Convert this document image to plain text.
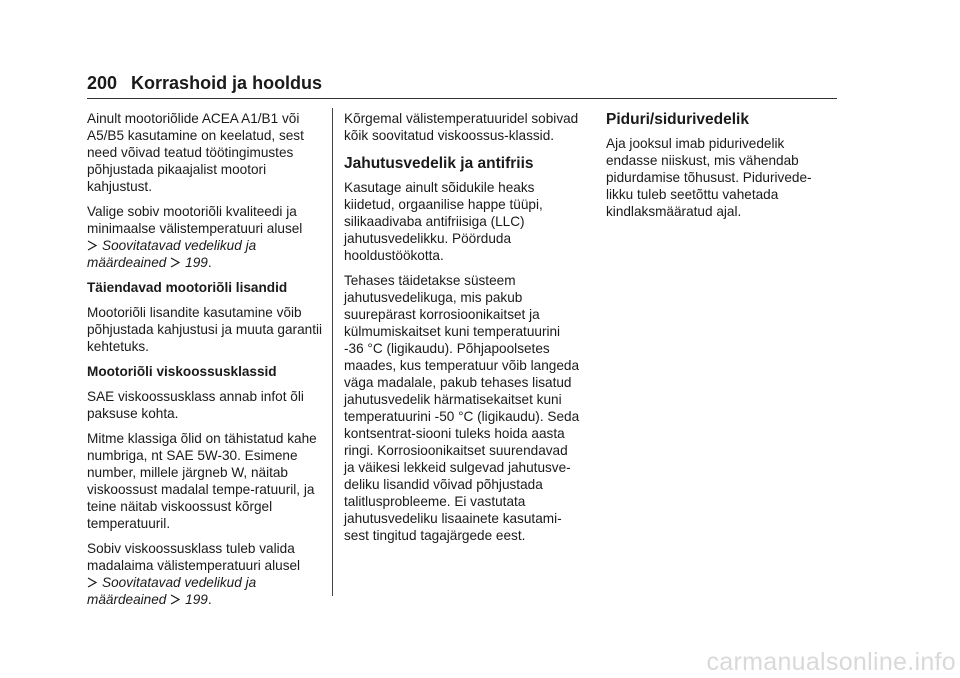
200 Korrashoid ja hooldus

Ainult mootoriõlide ACEA A1/B1 või A5/B5 kasutamine on keelatud, sest need võivad teatud töötingimustes põhjustada pikaajalist mootori kahjustust.

Valige sobiv mootoriõli kvaliteedi ja minimaalse välistemperatuuri alusel

Soovitatavad vedelikud ja määrdeained 199.

Täiendavad mootoriõli lisandid

Mootoriõli lisandite kasutamine võib põhjustada kahjustusi ja muuta garantii kehtetuks.

Mootoriõli viskoossusklassid

SAE viskoossusklass annab infot õli paksuse kohta.

Mitme klassiga õlid on tähistatud kahe numbriga, nt SAE 5W-30. Esimene number, millele järgneb W, näitab viskoossust madalal tempe-ratuuril, ja teine näitab viskoossust kõrgel temperatuuril.

Sobiv viskoossusklass tuleb valida madalaima välistemperatuuri alusel

Soovitatavad vedelikud ja määrdeained 199.

Kõrgemal välistemperatuuridel sobivad kõik soovitatud viskoossus-klassid.

Jahutusvedelik ja antifriis

Kasutage ainult sõidukile heaks kiidetud, orgaanilise happe tüüpi, silikaadivaba antifriisiga (LLC) jahutusvedelikku. Pöörduda hooldustöökotta.

Tehases täidetakse süsteem jahutusvedelikuga, mis pakub suurepärast korrosioonikaitset ja külmumiskaitset kuni temperatuurini -36 °C (ligikaudu). Põhjapoolsetes maades, kus temperatuur võib langeda väga madalale, pakub tehases lisatud jahutusvedelik härmatisekaitset kuni temperatuurini -50 °C (ligikaudu). Seda kontsentrat-siooni tuleks hoida aasta ringi. Korrosioonikaitset suurendavad ja väikesi lekkeid sulgevad jahutusve-deliku lisandid võivad põhjustada talitlusprobleeme. Ei vastutata jahutusvedeliku lisaainete kasutami-sest tingitud tagajärgede eest.

Piduri/sidurivedelik

Aja jooksul imab pidurivedelik endasse niiskust, mis vähendab pidurdamise tõhusust. Pidurivede-likku tuleb seetõttu vahetada kindlaksmääratud ajal.

carmanualsonline.info
